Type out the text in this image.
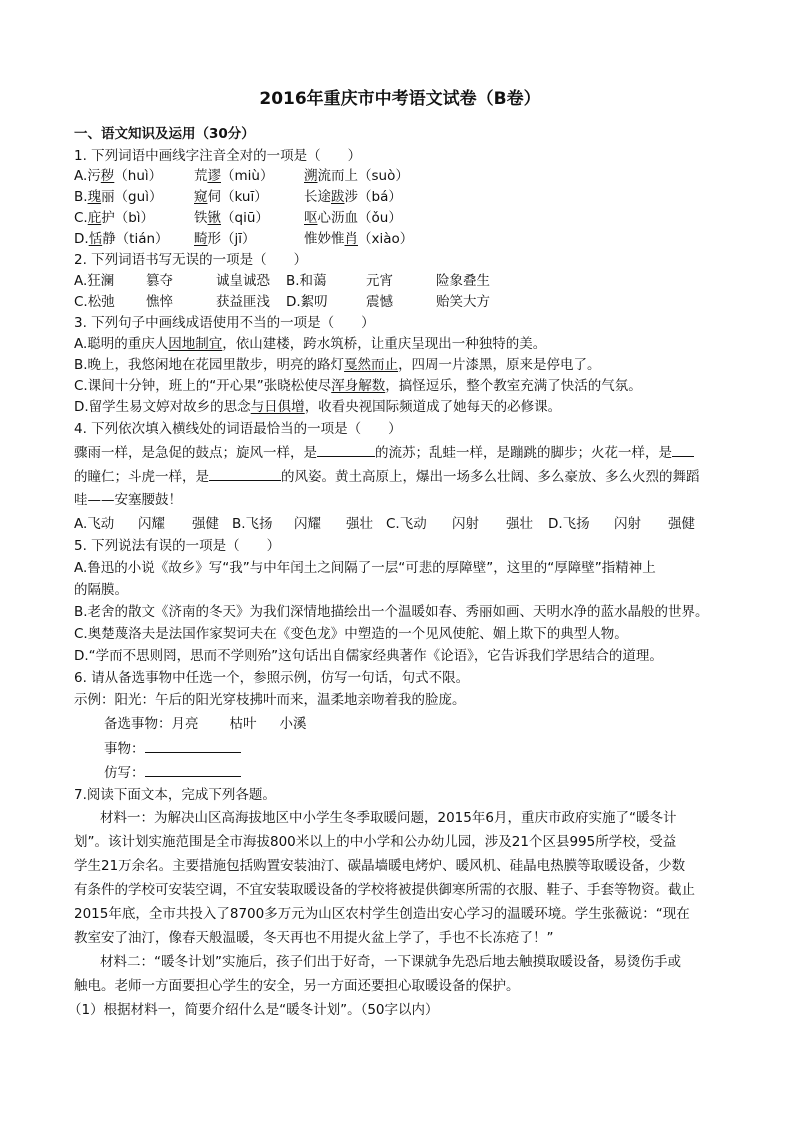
2016年重庆市中考语文试卷（B卷）
一、语文知识及运用（30分）
1. 下列词语中画线字注音全对的一项是（　　）
A.污秽（huì） 荒谬（miù） 溯流而上（suò）
B.瑰丽（guì） 窥伺（kuī）	长途跋涉（bá）
C.庇护（bì）	铁锹（qiū）	呕心沥血（ǒu）
D.恬静（tián） 畸形（jī）	惟妙惟肖（xiào）
2. 下列词语书写无误的一项是（　　）
A.狂澜 篡夺	诚皇诚恐 B.和蔼	元宵	险象叠生
C.松弛 憔悴	获益匪浅 D.絮叨	震憾	贻笑大方
3. 下列句子中画线成语使用不当的一项是（　　）
A.聪明的重庆人因地制宜，依山建楼，跨水筑桥，让重庆呈现出一种独特的美。
B.晚上，我悠闲地在花园里散步，明亮的路灯戛然而止，四周一片漆黑，原来是停电了。
C.课间十分钟，班上的“开心果”张晓松使尽浑身解数，搞怪逗乐，整个教室充满了快活的气氛。
D.留学生易文婷对故乡的思念与日俱增，收看央视国际频道成了她每天的必修课。
4. 下列依次填入横线处的词语最恰当的一项是（　　）
骤雨一样，是急促的鼓点；旋风一样，是	的流苏；乱蛙一样，是蹦跳的脚步；火花一样，是
的瞳仁；斗虎一样，是	的风姿。黄土高原上，爆出一场多么壮阔、多么豪放、多么火烈的舞蹈
哇——安塞腰鼓！
A.飞动 闪耀 强健 B.飞扬 闪耀 强壮 C.飞动 闪射 强壮 D.飞扬 闪射 强健
5. 下列说法有误的一项是（　　）
A.鲁迅的小说《故乡》写“我”与中年闰土之间隔了一层“可悲的厚障壁”，这里的“厚障壁”指精神上
的隔膜。
B.老舍的散文《济南的冬天》为我们深情地描绘出一个温暖如春、秀丽如画、天明水净的蓝水晶般的世界。
C.奥楚蔑洛夫是法国作家契诃夫在《变色龙》中塑造的一个见风使舵、媚上欺下的典型人物。
D.“学而不思则罔，思而不学则殆”这句话出自儒家经典著作《论语》，它告诉我们学思结合的道理。
6. 请从备选事物中任选一个，参照示例，仿写一句话，句式不限。
示例：阳光：午后的阳光穿枝拂叶而来，温柔地亲吻着我的脸庞。
备选事物：月亮 枯叶 小溪
事物：
仿写：
7.阅读下面文本，完成下列各题。
材料一：为解决山区高海拔地区中小学生冬季取暖问题，2015年6月，重庆市政府实施了“暖冬计
划”。该计划实施范围是全市海拔800米以上的中小学和公办幼儿园，涉及21个区县995所学校，受益
学生21万余名。主要措施包括购置安装油汀、碳晶墙暖电烤炉、暖风机、硅晶电热膜等取暖设备，少数
有条件的学校可安装空调，不宜安装取暖设备的学校将被提供御寒所需的衣服、鞋子、手套等物资。截止
2015年底，全市共投入了8700多万元为山区农村学生创造出安心学习的温暖环境。学生张薇说：“现在
教室安了油汀，像春天般温暖，冬天再也不用提火盆上学了，手也不长冻疮了！”
材料二：“暖冬计划”实施后，孩子们出于好奇，一下课就争先恐后地去触摸取暖设备，易烫伤手或
触电。老师一方面要担心学生的安全，另一方面还要担心取暖设备的保护。
（1）根据材料一，简要介绍什么是“暖冬计划”。（50字以内）
